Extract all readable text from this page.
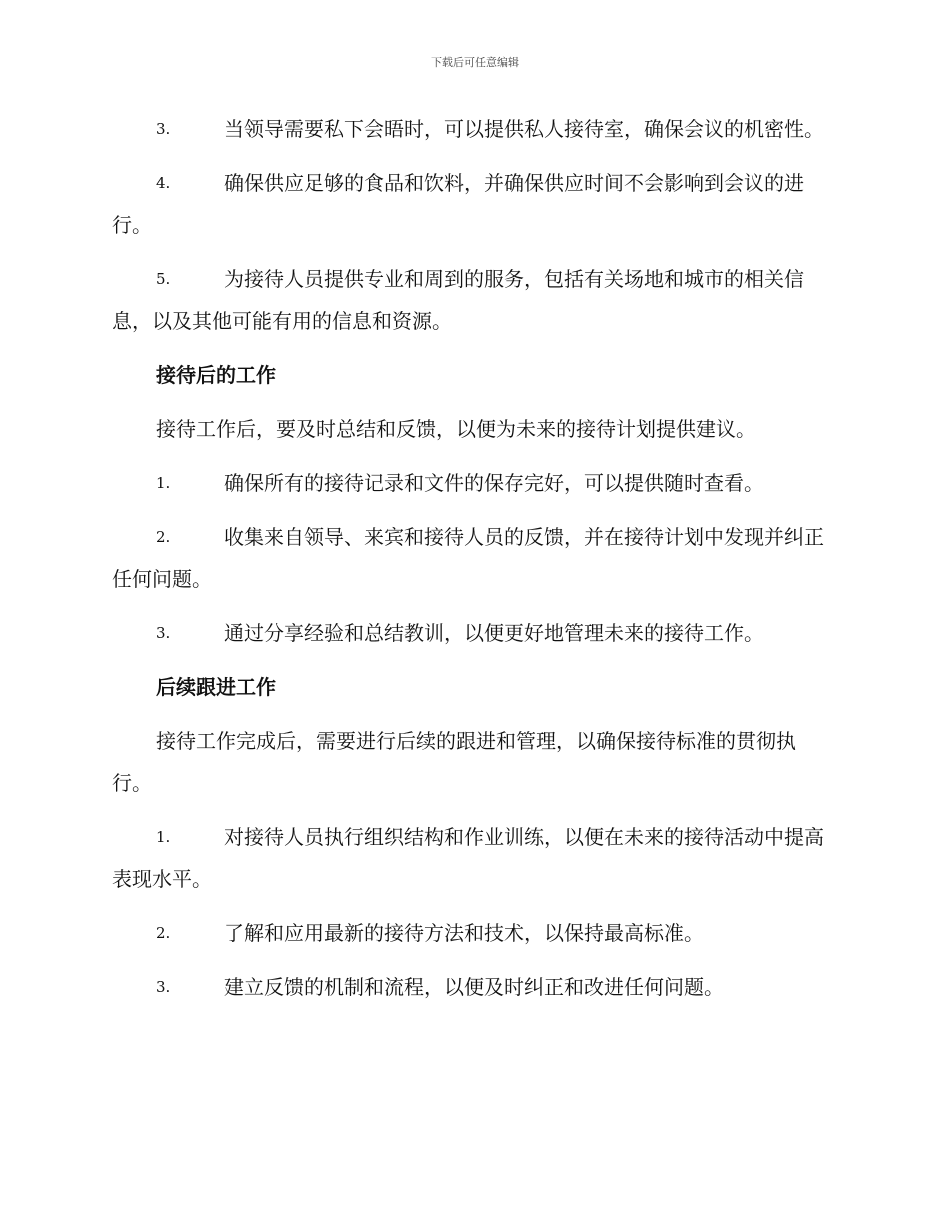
下载后可任意编辑
3.	当领导需要私下会晤时，可以提供私人接待室，确保会议的机密性。
4.	确保供应足够的食品和饮料，并确保供应时间不会影响到会议的进行。
5.	为接待人员提供专业和周到的服务，包括有关场地和城市的相关信息，以及其他可能有用的信息和资源。
接待后的工作
接待工作后，要及时总结和反馈，以便为未来的接待计划提供建议。
1.	确保所有的接待记录和文件的保存完好，可以提供随时查看。
2.	收集来自领导、来宾和接待人员的反馈，并在接待计划中发现并纠正任何问题。
3.	通过分享经验和总结教训，以便更好地管理未来的接待工作。
后续跟进工作
接待工作完成后，需要进行后续的跟进和管理，以确保接待标准的贯彻执行。
1.	对接待人员执行组织结构和作业训练，以便在未来的接待活动中提高表现水平。
2.	了解和应用最新的接待方法和技术，以保持最高标准。
3.	建立反馈的机制和流程，以便及时纠正和改进任何问题。
